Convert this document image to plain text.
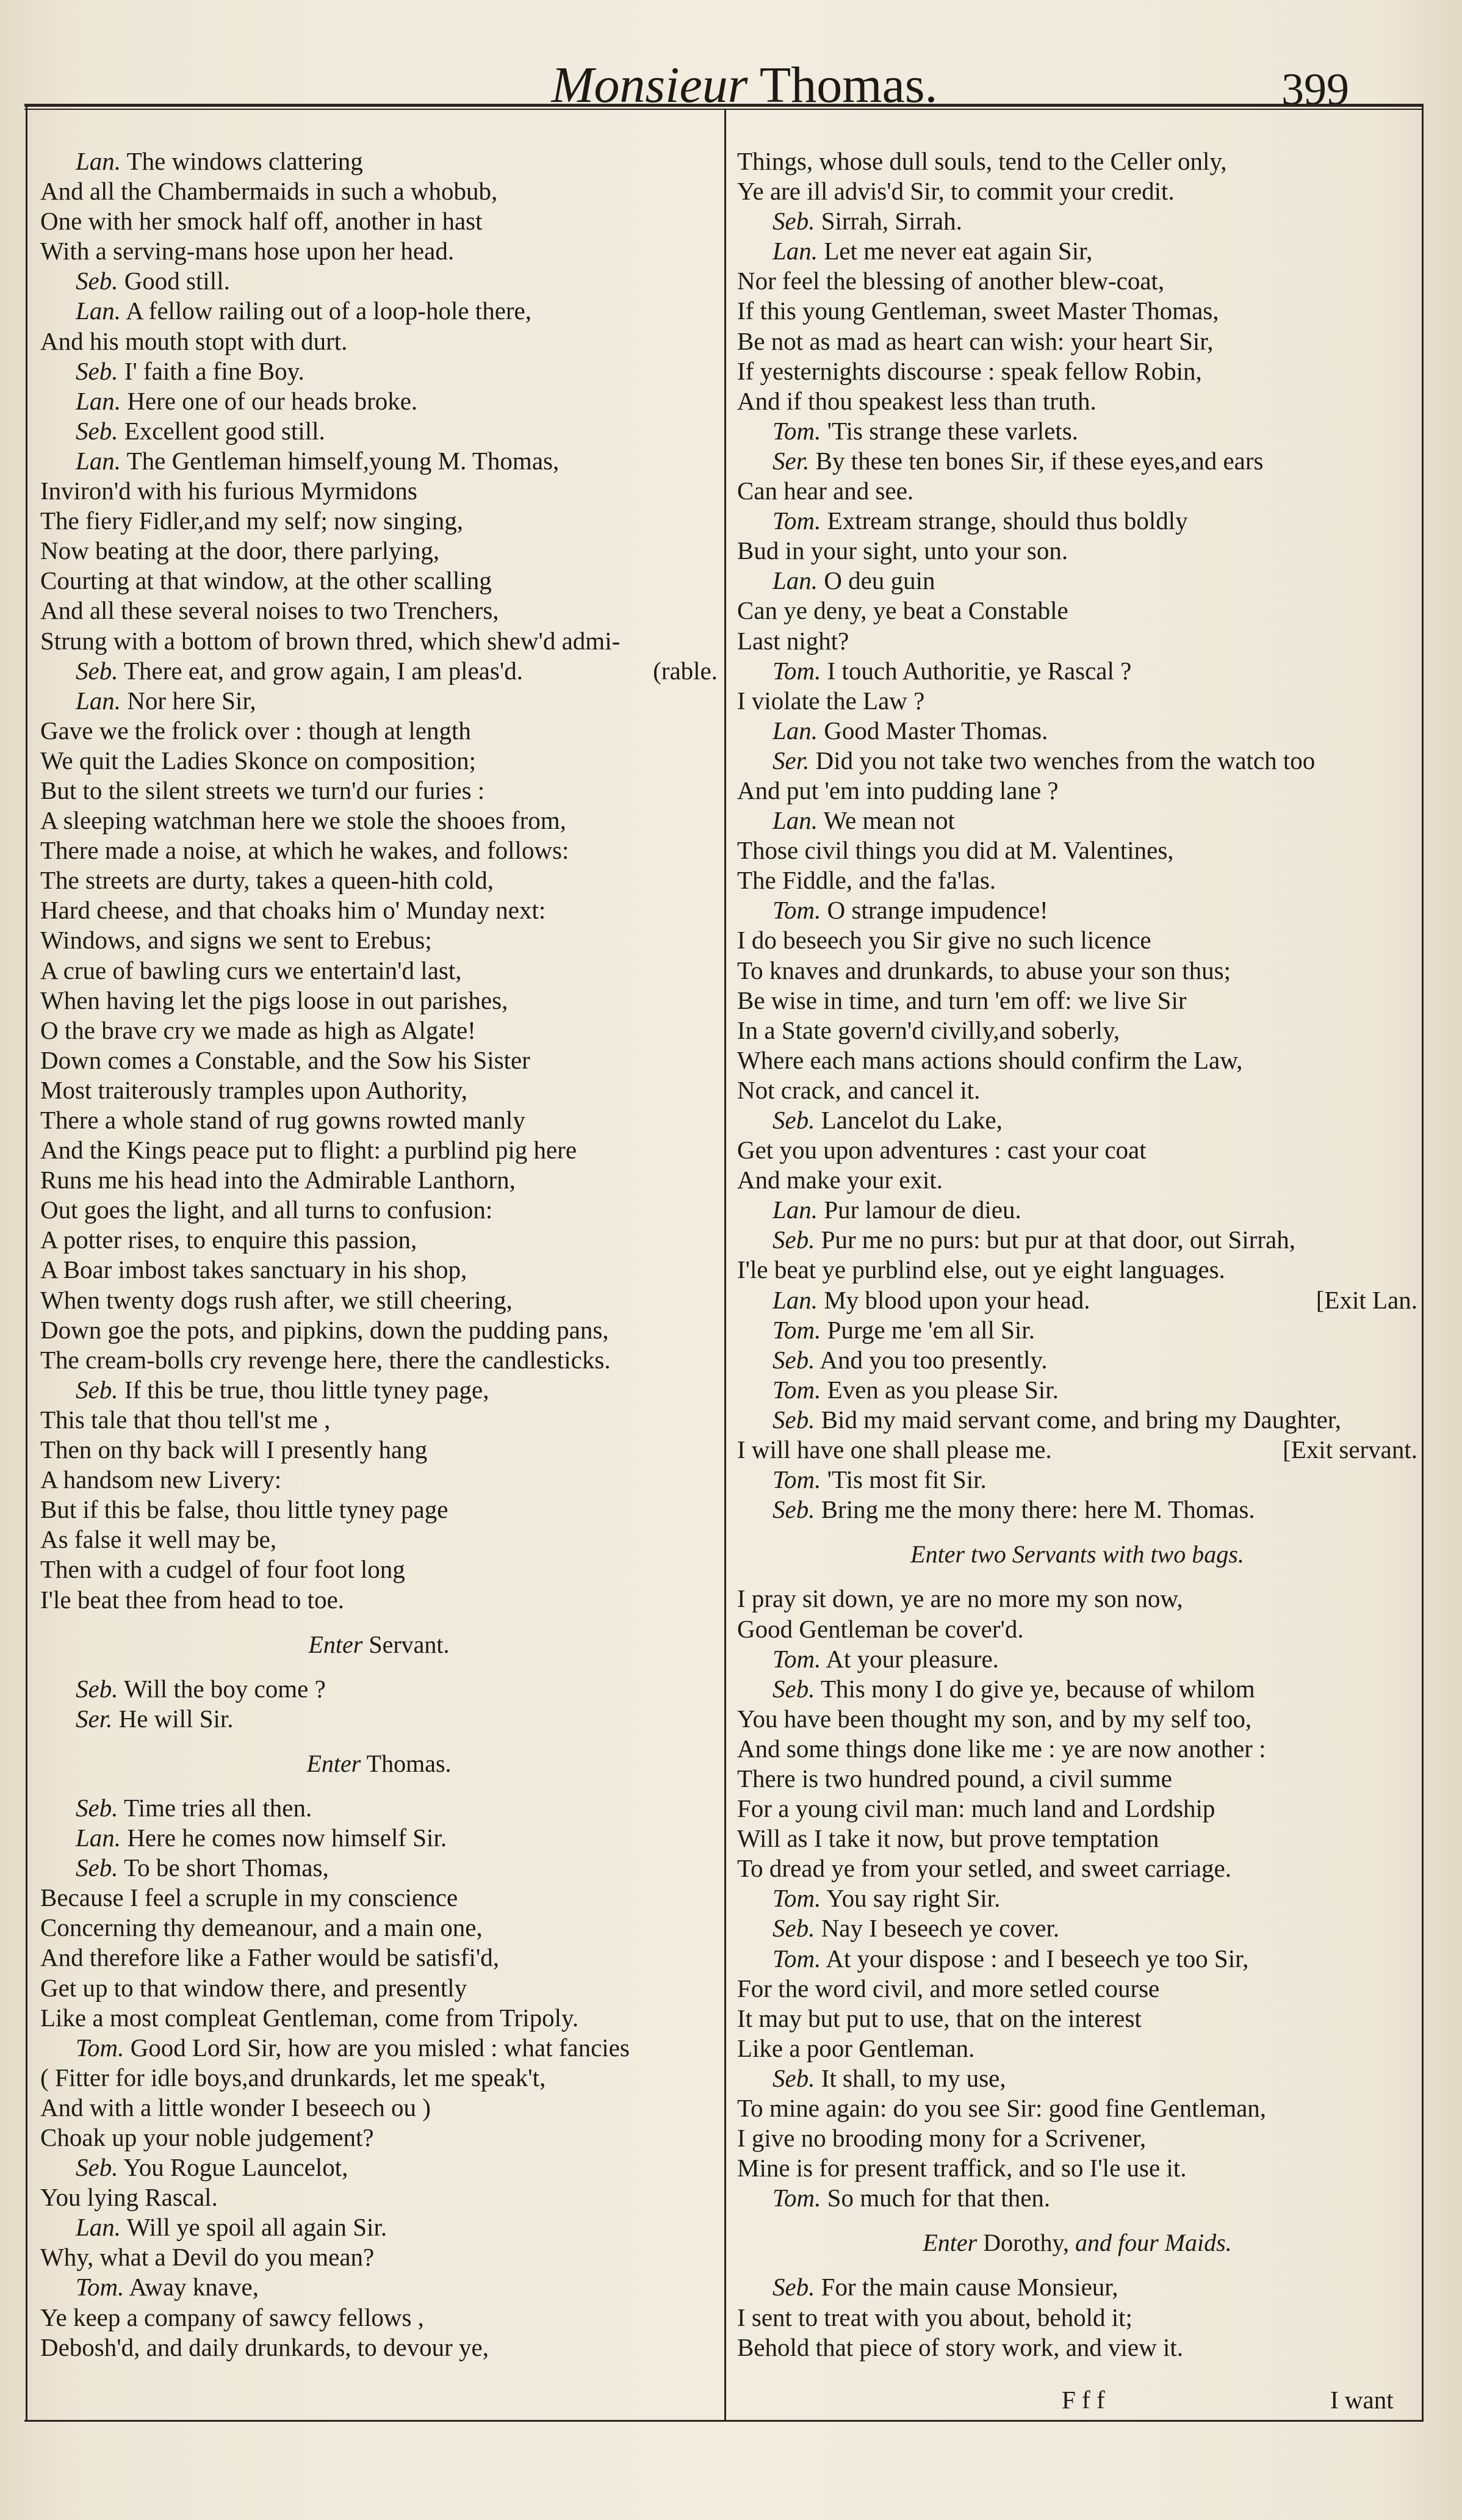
Monsieur Thomas.	399
Lan. The windows clattering
And all the Chambermaids in such a whobub,
One with her smock half off, another in hast
With a serving-mans hose upon her head.
Seb. Good still.
Lan. A fellow railing out of a loop-hole there,
And his mouth stopt with durt.
Seb. I' faith a fine Boy.
Lan. Here one of our heads broke.
Seb. Excellent good still.
Lan. The Gentleman himself,young M. Thomas,
Inviron'd with his furious Myrmidons
The fiery Fidler,and my self; now singing,
Now beating at the door, there parlying,
Courting at that window, at the other scalling
And all these several noises to two Trenchers,
Strung with a bottom of brown thred, which shew'd admi-
Seb. There eat, and grow again, I am pleas'd.	(rable.
Lan. Nor here Sir,
Gave we the frolick over : though at length
We quit the Ladies Skonce on composition;
But to the silent streets we turn'd our furies :
A sleeping watchman here we stole the shooes from,
There made a noise, at which he wakes, and follows:
The streets are durty, takes a queen-hith cold,
Hard cheese, and that choaks him o' Munday next:
Windows, and signs we sent to Erebus;
A crue of bawling curs we entertain'd last,
When having let the pigs loose in out parishes,
O the brave cry we made as high as Algate!
Down comes a Constable, and the Sow his Sister
Most traiterously tramples upon Authority,
There a whole stand of rug gowns rowted manly
And the Kings peace put to flight: a purblind pig here
Runs me his head into the Admirable Lanthorn,
Out goes the light, and all turns to confusion:
A potter rises, to enquire this passion,
A Boar imbost takes sanctuary in his shop,
When twenty dogs rush after, we still cheering,
Down goe the pots, and pipkins, down the pudding pans,
The cream-bolls cry revenge here, there the candlesticks.
Seb. If this be true, thou little tyney page,
This tale that thou tell'st me ,
Then on thy back will I presently hang
A handsom new Livery:
But if this be false, thou little tyney page
As false it well may be,
Then with a cudgel of four foot long
I'le beat thee from head to toe.
Enter Servant.
Seb. Will the boy come ?
Ser. He will Sir.
Enter Thomas.
Seb. Time tries all then.
Lan. Here he comes now himself Sir.
Seb. To be short Thomas,
Because I feel a scruple in my conscience
Concerning thy demeanour, and a main one,
And therefore like a Father would be satisfi'd,
Get up to that window there, and presently
Like a most compleat Gentleman, come from Tripoly.
Tom. Good Lord Sir, how are you misled : what fancies
( Fitter for idle boys,and drunkards, let me speak't,
And with a little wonder I beseech ou )
Choak up your noble judgement?
Seb. You Rogue Launcelot,
You lying Rascal.
Lan. Will ye spoil all again Sir.
Why, what a Devil do you mean?
Tom. Away knave,
Ye keep a company of sawcy fellows ,
Debosh'd, and daily drunkards, to devour ye,
Things, whose dull souls, tend to the Celler only,
Ye are ill advis'd Sir, to commit your credit.
Seb. Sirrah, Sirrah.
Lan. Let me never eat again Sir,
Nor feel the blessing of another blew-coat,
If this young Gentleman, sweet Master Thomas,
Be not as mad as heart can wish: your heart Sir,
If yesternights discourse : speak fellow Robin,
And if thou speakest less than truth.
Tom. 'Tis strange these varlets.
Ser. By these ten bones Sir, if these eyes,and ears
Can hear and see.
Tom. Extream strange, should thus boldly
Bud in your sight, unto your son.
Lan. O deu guin
Can ye deny, ye beat a Constable
Last night?
Tom. I touch Authoritie, ye Rascal ?
I violate the Law ?
Lan. Good Master Thomas.
Ser. Did you not take two wenches from the watch too
And put 'em into pudding lane ?
Lan. We mean not
Those civil things you did at M. Valentines,
The Fiddle, and the fa'las.
Tom. O strange impudence!
I do beseech you Sir give no such licence
To knaves and drunkards, to abuse your son thus;
Be wise in time, and turn 'em off: we live Sir
In a State govern'd civilly,and soberly,
Where each mans actions should confirm the Law,
Not crack, and cancel it.
Seb. Lancelot du Lake,
Get you upon adventures : cast your coat
And make your exit.
Lan. Pur lamour de dieu.
Seb. Pur me no purs: but pur at that door, out Sirrah,
I'le beat ye purblind else, out ye eight languages.
Lan. My blood upon your head.	[Exit Lan.
Tom. Purge me 'em all Sir.
Seb. And you too presently.
Tom. Even as you please Sir.
Seb. Bid my maid servant come, and bring my Daughter,
I will have one shall please me.	[Exit servant.
Tom. 'Tis most fit Sir.
Seb. Bring me the mony there: here M. Thomas.
Enter two Servants with two bags.
I pray sit down, ye are no more my son now,
Good Gentleman be cover'd.
Tom. At your pleasure.
Seb. This mony I do give ye, because of whilom
You have been thought my son, and by my self too,
And some things done like me : ye are now another :
There is two hundred pound, a civil summe
For a young civil man: much land and Lordship
Will as I take it now, but prove temptation
To dread ye from your setled, and sweet carriage.
Tom. You say right Sir.
Seb. Nay I beseech ye cover.
Tom. At your dispose : and I beseech ye too Sir,
For the word civil, and more setled course
It may but put to use, that on the interest
Like a poor Gentleman.
Seb. It shall, to my use,
To mine again: do you see Sir: good fine Gentleman,
I give no brooding mony for a Scrivener,
Mine is for present traffick, and so I'le use it.
Tom. So much for that then.
Enter Dorothy, and four Maids.
Seb. For the main cause Monsieur,
I sent to treat with you about, behold it;
Behold that piece of story work, and view it.
F f f	I want
